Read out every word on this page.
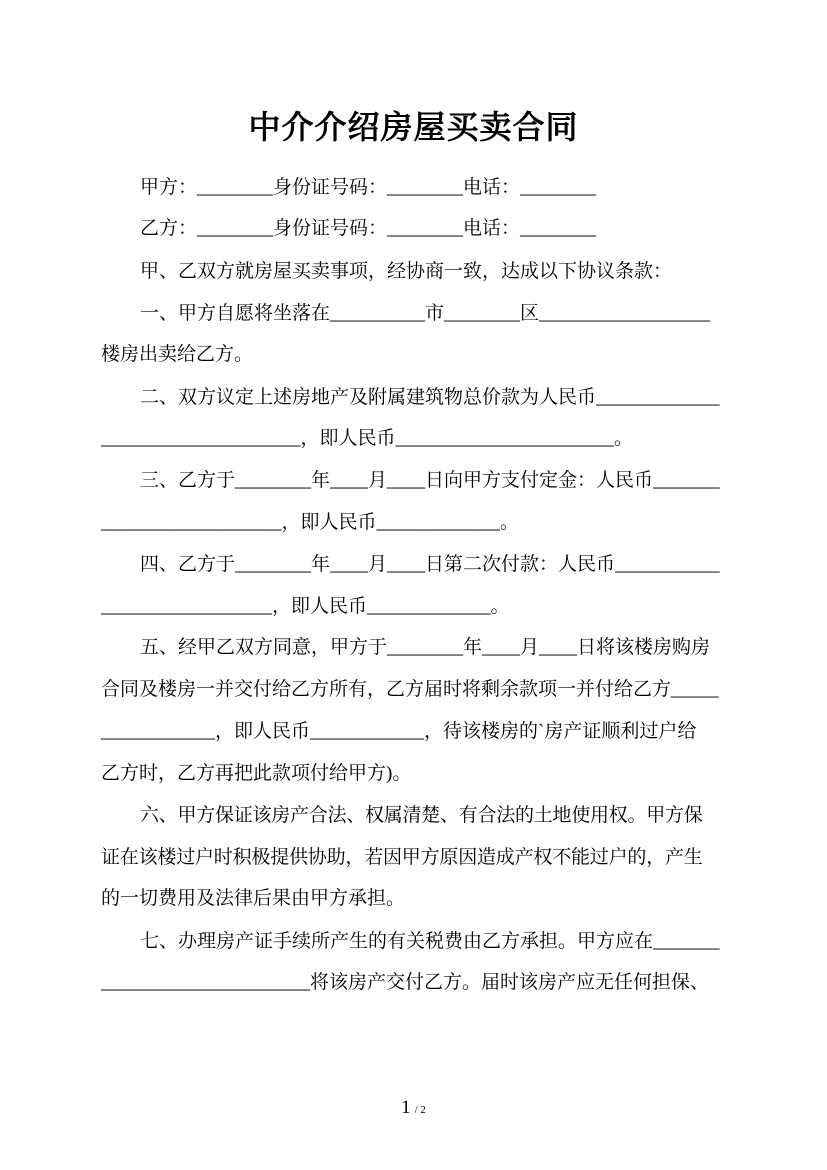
中介介绍房屋买卖合同
甲方： ________ 身份证号码： ________ 电话： ________
乙方： ________ 身份证号码： ________ 电话： ________
甲、乙双方就房屋买卖事项，经协商一致，达成以下协议条款：
一、甲方自愿将坐落在 __________ 市 ________ 区 __________________
楼房出卖给乙方。
二、双方议定上述房地产及附属建筑物总价款为人民币 _____________
_____________________ ，即人民币 _______________________ 。
三、乙方于 ________ 年 ____ 月 ____ 日向甲方支付定金：人民币 _______
___________________ ，即人民币 _____________ 。
四、乙方于 ________ 年 ____ 月 ____ 日第二次付款：人民币 ___________
__________________ ，即人民币 _____________ 。
五、经甲乙双方同意，甲方于 ________ 年 ____ 月 ____ 日将该楼房购房
合同及楼房一并交付给乙方所有，乙方届时将剩余款项一并付给乙方 _____
____________ ，即人民币 ____________ ，待该楼房的`房产证顺利过户给
乙方时，乙方再把此款项付给甲方)。
六、甲方保证该房产合法、权属清楚、有合法的土地使用权。甲方保
证在该楼过户时积极提供协助，若因甲方原因造成产权不能过户的，产生
的一切费用及法律后果由甲方承担。
七、办理房产证手续所产生的有关税费由乙方承担。甲方应在 _______
______________________ 将该房产交付乙方。届时该房产应无任何担保、
1 / 2
